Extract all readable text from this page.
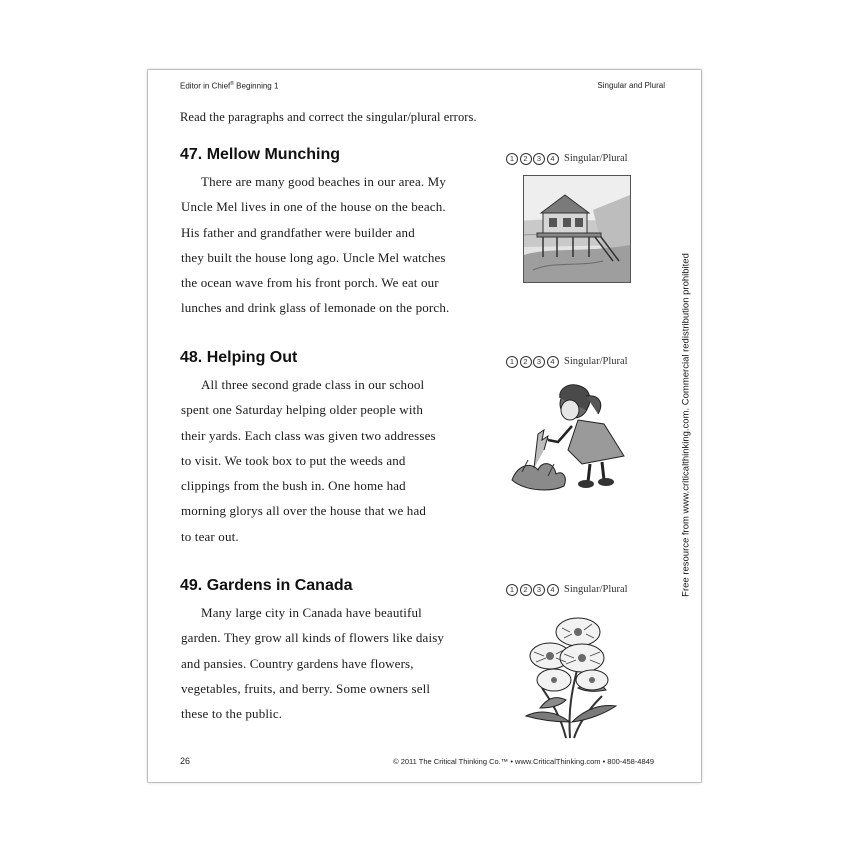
Editor in Chief® Beginning 1	Singular and Plural
Read the paragraphs and correct the singular/plural errors.
47. Mellow Munching	1 2 3 4 Singular/Plural
There are many good beaches in our area. My
Uncle Mel lives in one of the house on the beach.
His father and grandfather were builder and
they built the house long ago. Uncle Mel watches
the ocean wave from his front porch. We eat our
lunches and drink glass of lemonade on the porch.
48. Helping Out	1 2 3 4 Singular/Plural
All three second grade class in our school
spent one Saturday helping older people with
their yards. Each class was given two addresses
to visit. We took box to put the weeds and
clippings from the bush in. One home had
morning glorys all over the house that we had
to tear out.
49. Gardens in Canada	1 2 3 4 Singular/Plural
Many large city in Canada have beautiful
garden. They grow all kinds of flowers like daisy
and pansies. Country gardens have flowers,
vegetables, fruits, and berry. Some owners sell
these to the public.
26	© 2011 The Critical Thinking Co.™ • www.CriticalThinking.com • 800-458-4849
Free resource from www.criticalthinking.com. Commercial redistribution prohibited
